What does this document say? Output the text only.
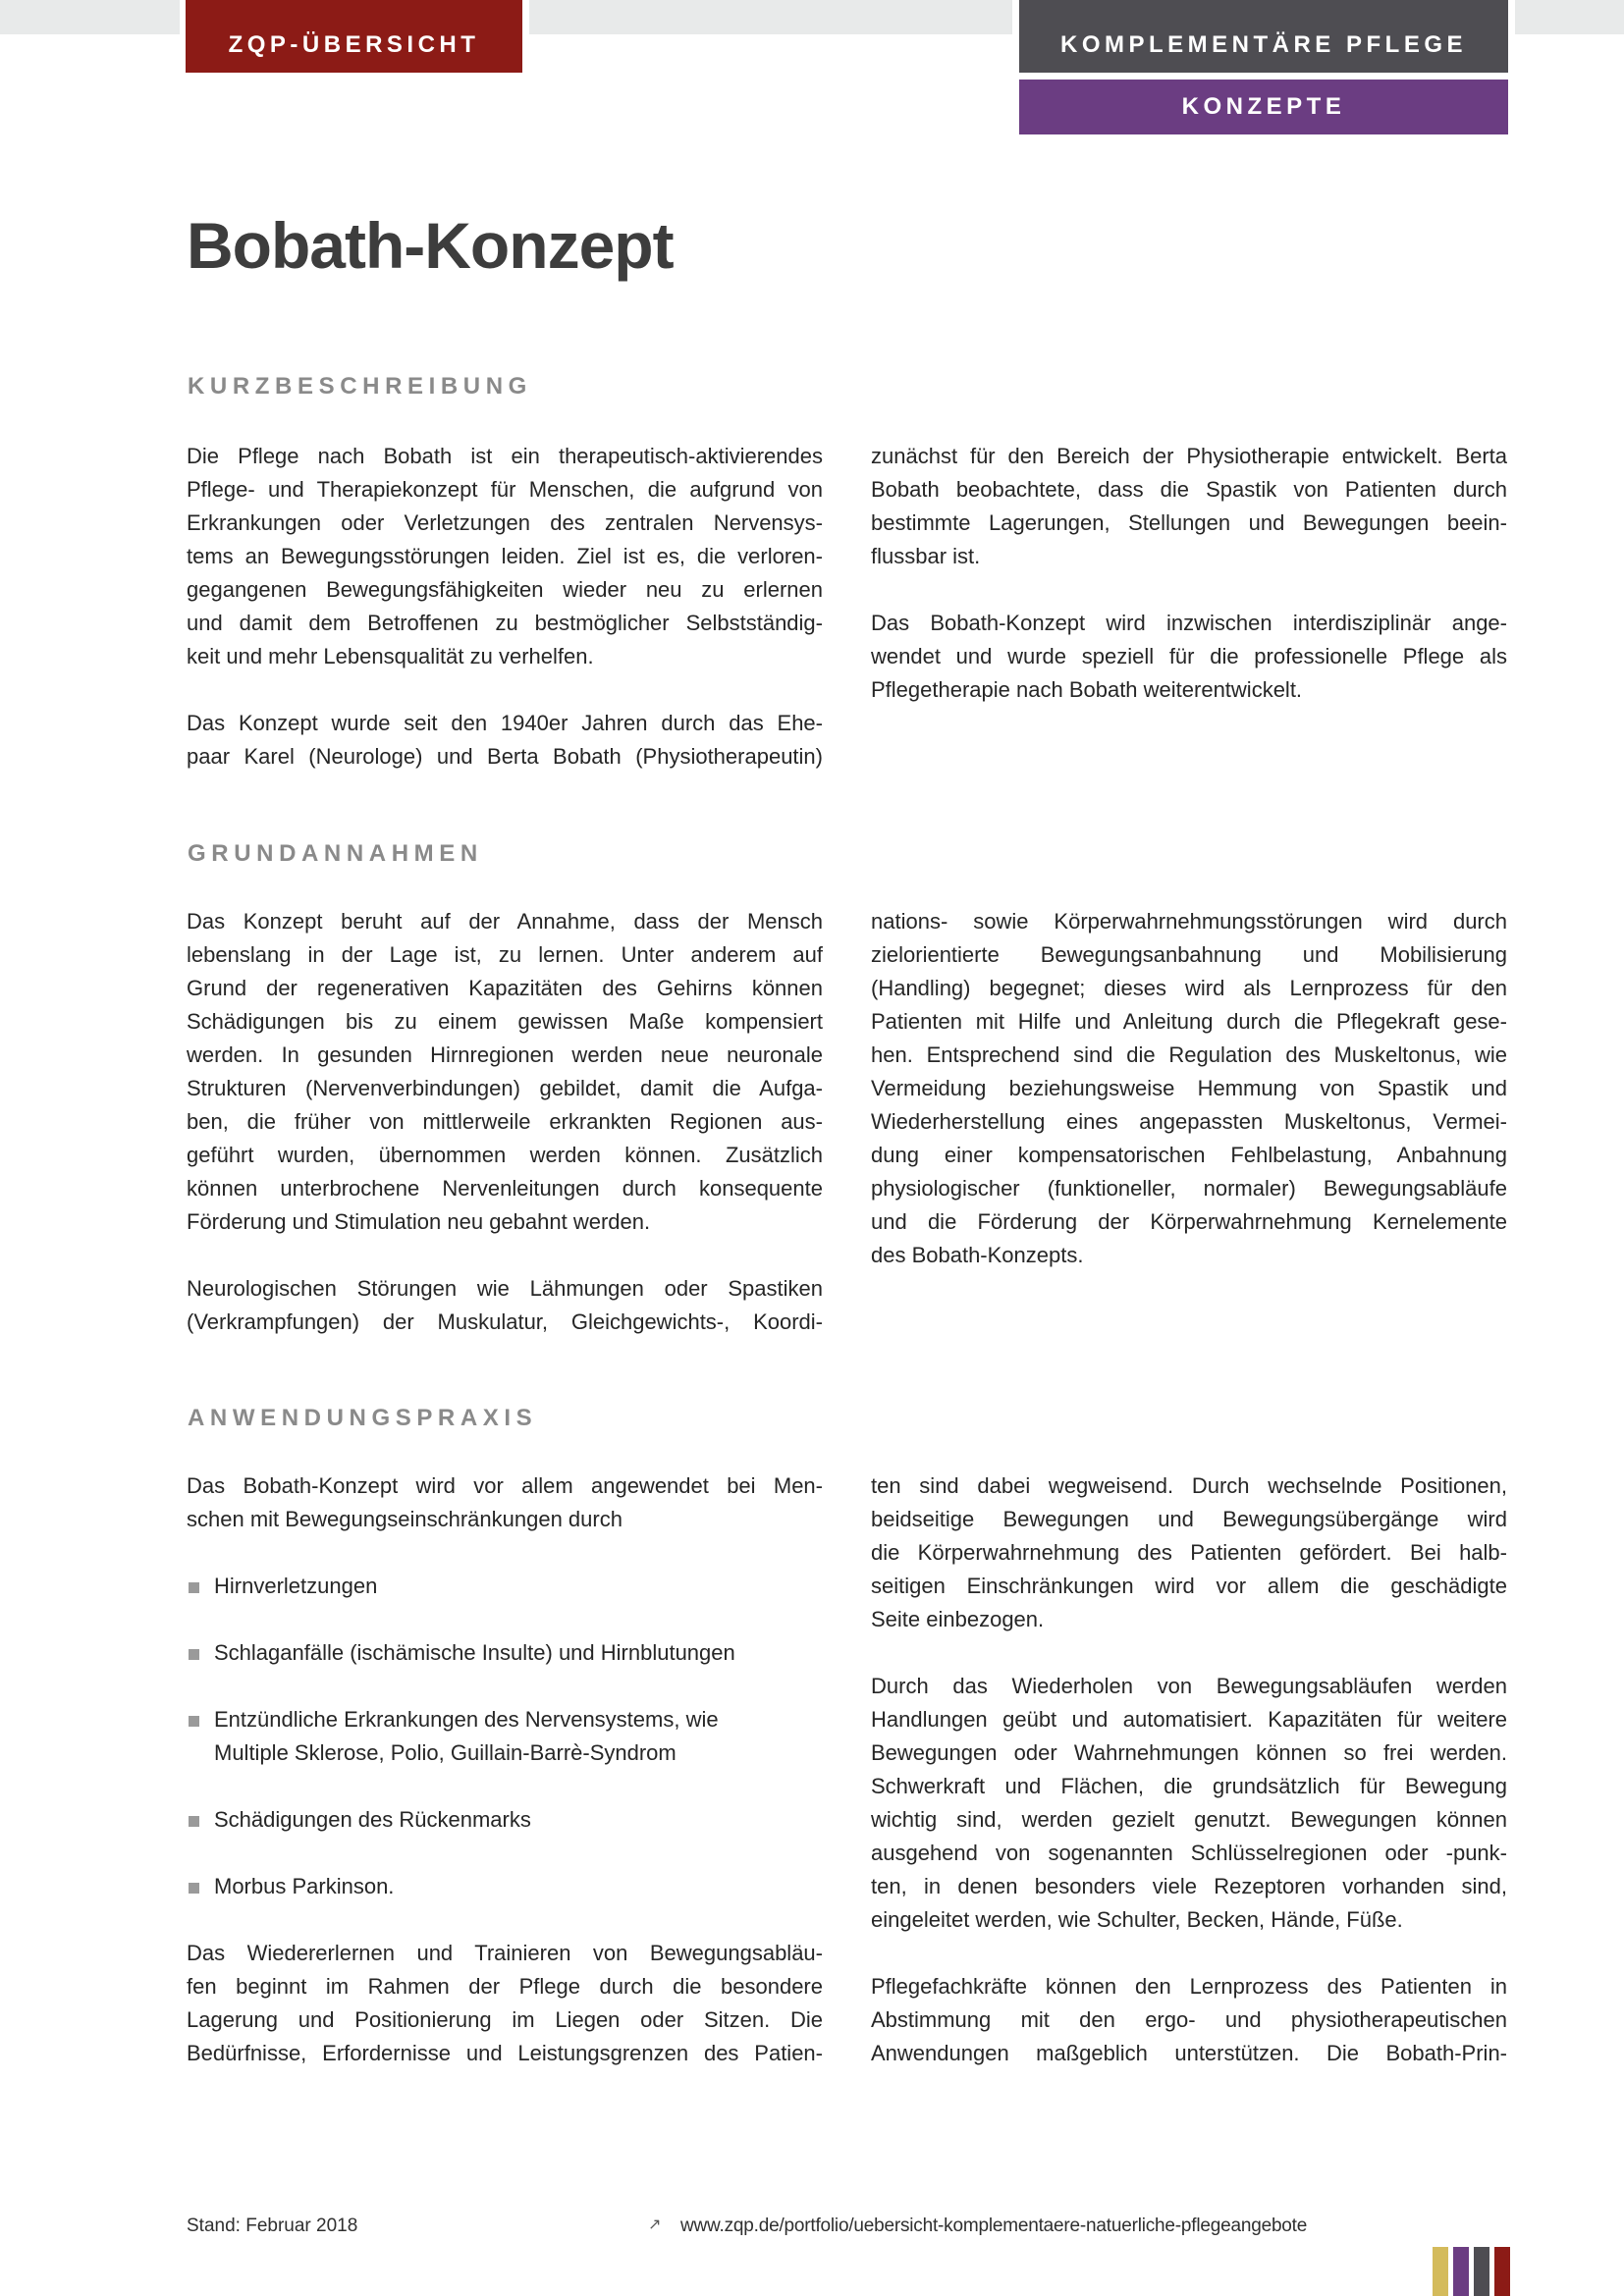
ZQP-ÜBERSICHT	KOMPLEMENTÄRE PFLEGE
KONZEPTE
Bobath-Konzept
KURZBESCHREIBUNG
Die Pflege nach Bobath ist ein therapeutisch-aktivierendes
Pflege- und Therapiekonzept für Menschen, die aufgrund von
Erkrankungen oder Verletzungen des zentralen Nervensys-
tems an Bewegungsstörungen leiden. Ziel ist es, die verloren-
gegangenen Bewegungsfähigkeiten wieder neu zu erlernen
und damit dem Betroffenen zu bestmöglicher Selbstständig-
keit und mehr Lebensqualität zu verhelfen.
Das Konzept wurde seit den 1940er Jahren durch das Ehe-
paar Karel (Neurologe) und Berta Bobath (Physiotherapeutin)
zunächst für den Bereich der Physiotherapie entwickelt. Berta
Bobath beobachtete, dass die Spastik von Patienten durch
bestimmte Lagerungen, Stellungen und Bewegungen beein-
flussbar ist.
Das Bobath-Konzept wird inzwischen interdisziplinär ange-
wendet und wurde speziell für die professionelle Pflege als
Pflegetherapie nach Bobath weiterentwickelt.
GRUNDANNAHMEN
Das Konzept beruht auf der Annahme, dass der Mensch
lebenslang in der Lage ist, zu lernen. Unter anderem auf
Grund der regenerativen Kapazitäten des Gehirns können
Schädigungen bis zu einem gewissen Maße kompensiert
werden. In gesunden Hirnregionen werden neue neuronale
Strukturen (Nervenverbindungen) gebildet, damit die Aufga-
ben, die früher von mittlerweile erkrankten Regionen aus-
geführt wurden, übernommen werden können. Zusätzlich
können unterbrochene Nervenleitungen durch konsequente
Förderung und Stimulation neu gebahnt werden.
Neurologischen Störungen wie Lähmungen oder Spastiken
(Verkrampfungen) der Muskulatur, Gleichgewichts-, Koordi-
nations- sowie Körperwahrnehmungsstörungen wird durch
zielorientierte Bewegungsanbahnung und Mobilisierung
(Handling) begegnet; dieses wird als Lernprozess für den
Patienten mit Hilfe und Anleitung durch die Pflegekraft gese-
hen. Entsprechend sind die Regulation des Muskeltonus, wie
Vermeidung beziehungsweise Hemmung von Spastik und
Wiederherstellung eines angepassten Muskeltonus, Vermei-
dung einer kompensatorischen Fehlbelastung, Anbahnung
physiologischer (funktioneller, normaler) Bewegungsabläufe
und die Förderung der Körperwahrnehmung Kernelemente
des Bobath-Konzepts.
ANWENDUNGSPRAXIS
Das Bobath-Konzept wird vor allem angewendet bei Men-
schen mit Bewegungseinschränkungen durch
Hirnverletzungen
Schlaganfälle (ischämische Insulte) und Hirnblutungen
Entzündliche Erkrankungen des Nervensystems, wie
Multiple Sklerose, Polio, Guillain-Barrè-Syndrom
Schädigungen des Rückenmarks
Morbus Parkinson.
Das Wiedererlernen und Trainieren von Bewegungsabläu-
fen beginnt im Rahmen der Pflege durch die besondere
Lagerung und Positionierung im Liegen oder Sitzen. Die
Bedürfnisse, Erfordernisse und Leistungsgrenzen des Patien-
ten sind dabei wegweisend. Durch wechselnde Positionen,
beidseitige Bewegungen und Bewegungsübergänge wird
die Körperwahrnehmung des Patienten gefördert. Bei halb-
seitigen Einschränkungen wird vor allem die geschädigte
Seite einbezogen.
Durch das Wiederholen von Bewegungsabläufen werden
Handlungen geübt und automatisiert. Kapazitäten für weitere
Bewegungen oder Wahrnehmungen können so frei werden.
Schwerkraft und Flächen, die grundsätzlich für Bewegung
wichtig sind, werden gezielt genutzt. Bewegungen können
ausgehend von sogenannten Schlüsselregionen oder -punk-
ten, in denen besonders viele Rezeptoren vorhanden sind,
eingeleitet werden, wie Schulter, Becken, Hände, Füße.
Pflegefachkräfte können den Lernprozess des Patienten in
Abstimmung mit den ergo- und physiotherapeutischen
Anwendungen maßgeblich unterstützen. Die Bobath-Prin-
Stand: Februar 2018	↗ www.zqp.de/portfolio/uebersicht-komplementaere-natuerliche-pflegeangebote
